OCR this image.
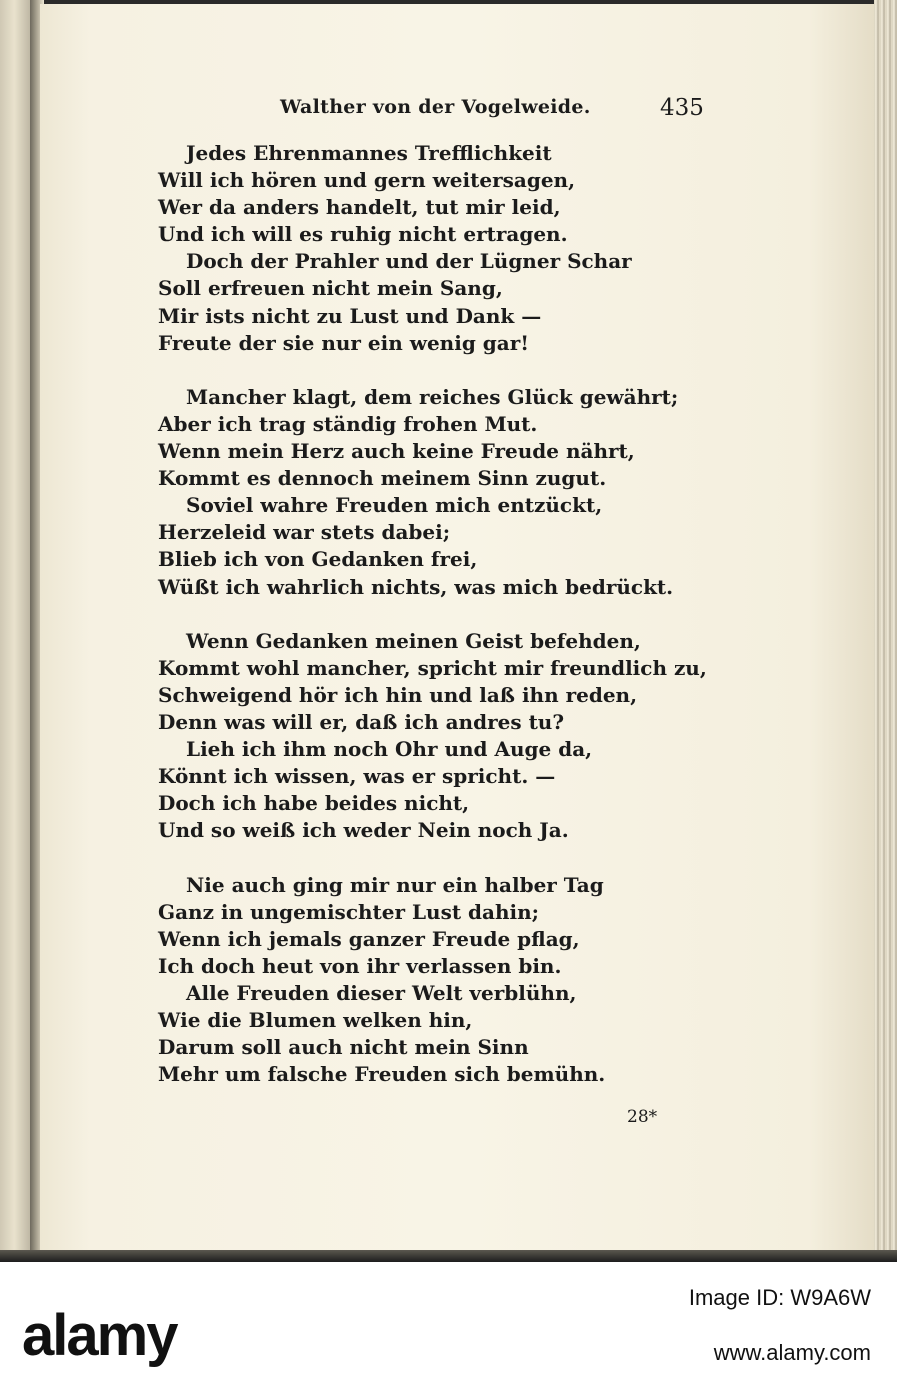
Walther von der Vogelweide.	435
Jedes Ehrenmannes Trefflichkeit
Will ich hören und gern weitersagen,
Wer da anders handelt, tut mir leid,
Und ich will es ruhig nicht ertragen.
Doch der Prahler und der Lügner Schar
Soll erfreuen nicht mein Sang,
Mir ists nicht zu Lust und Dank —
Freute der sie nur ein wenig gar!
Mancher klagt, dem reiches Glück gewährt;
Aber ich trag ständig frohen Mut.
Wenn mein Herz auch keine Freude nährt,
Kommt es dennoch meinem Sinn zugut.
Soviel wahre Freuden mich entzückt,
Herzeleid war stets dabei;
Blieb ich von Gedanken frei,
Wüßt ich wahrlich nichts, was mich bedrückt.
Wenn Gedanken meinen Geist befehden,
Kommt wohl mancher, spricht mir freundlich zu,
Schweigend hör ich hin und laß ihn reden,
Denn was will er, daß ich andres tu?
Lieh ich ihm noch Ohr und Auge da,
Könnt ich wissen, was er spricht. —
Doch ich habe beides nicht,
Und so weiß ich weder Nein noch Ja.
Nie auch ging mir nur ein halber Tag
Ganz in ungemischter Lust dahin;
Wenn ich jemals ganzer Freude pflag,
Ich doch heut von ihr verlassen bin.
Alle Freuden dieser Welt verblühn,
Wie die Blumen welken hin,
Darum soll auch nicht mein Sinn
Mehr um falsche Freuden sich bemühn.
28*
alamy
Image ID: W9A6W
www.alamy.com
